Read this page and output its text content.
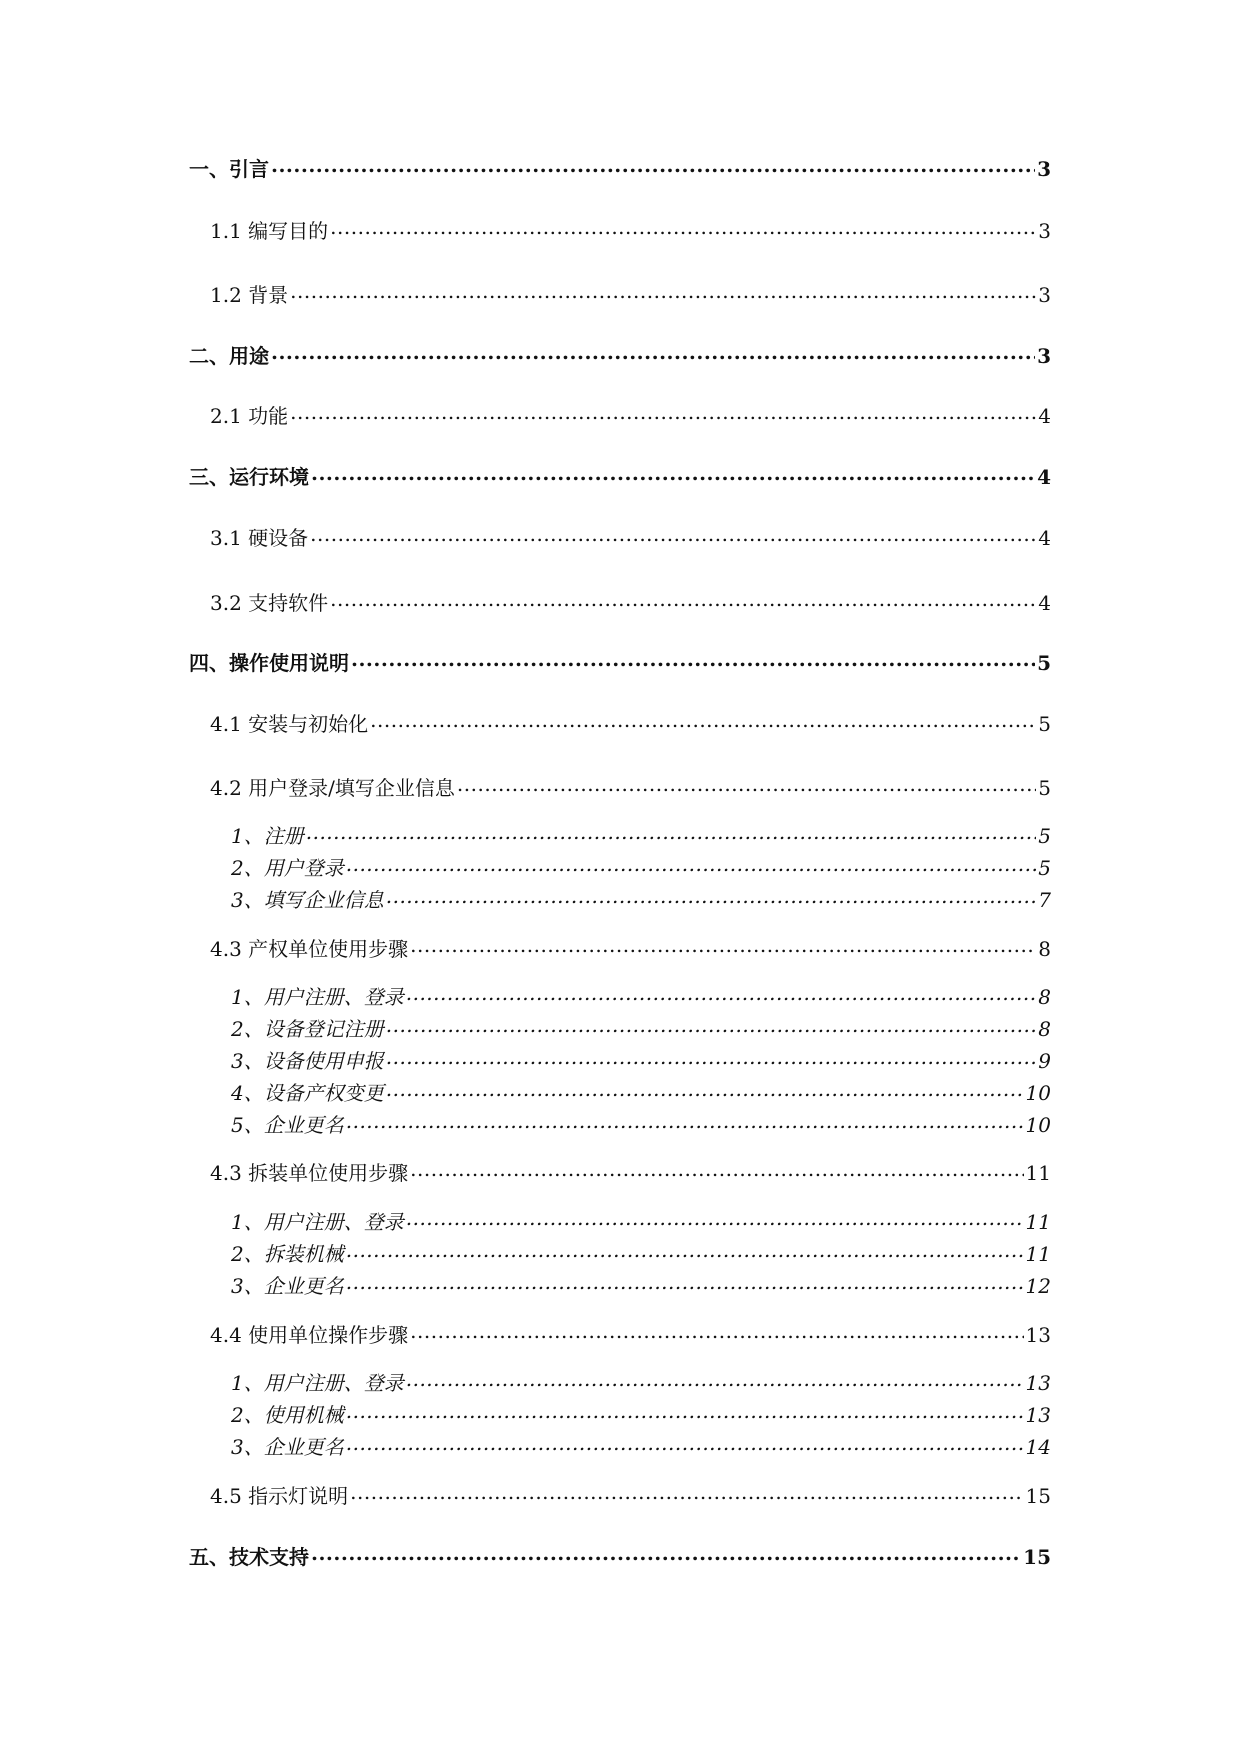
一、引言 .....	3
1.1 编写目的 .....	3
1.2 背景 .....	3
二、用途 .....	3
2.1 功能 .....	4
三、运行环境 .....	4
3.1 硬设备 .....	4
3.2 支持软件 .....	4
四、操作使用说明 .....	5
4.1 安装与初始化 .....	5
4.2 用户登录/填写企业信息 .....	5
1、注册 .....	5
2、用户登录 .....	5
3、填写企业信息 .....	7
4.3 产权单位使用步骤 .....	8
1、用户注册、登录 .....	8
2、设备登记注册 .....	8
3、设备使用申报 .....	9
4、设备产权变更 .....	10
5、企业更名 .....	10
4.3 拆装单位使用步骤 .....	11
1、用户注册、登录 .....	11
2、拆装机械 .....	11
3、企业更名 .....	12
4.4 使用单位操作步骤 .....	13
1、用户注册、登录 .....	13
2、使用机械 .....	13
3、企业更名 .....	14
4.5 指示灯说明 .....	15
五、技术支持 .....	15
